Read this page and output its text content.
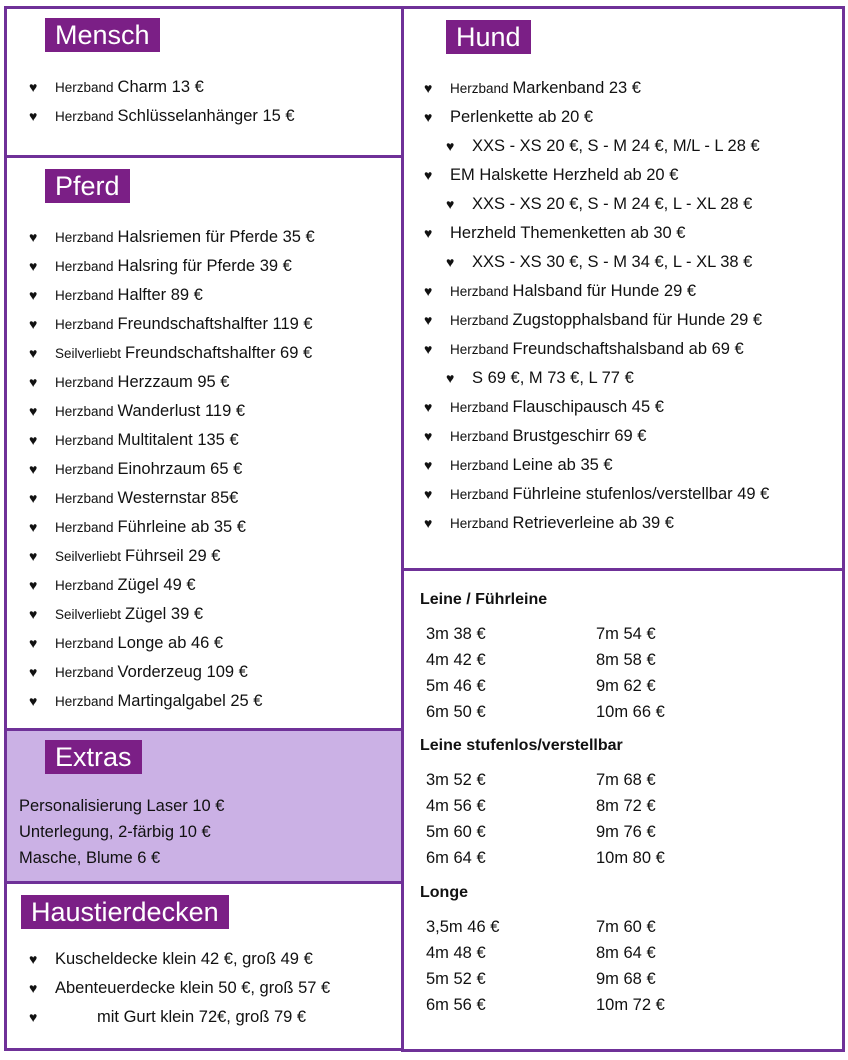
Mensch
♥ Herzband Charm 13 €
♥ Herzband Schlüsselanhänger 15 €
Pferd
♥ Herzband Halsriemen für Pferde 35 €
♥ Herzband Halsring für Pferde 39 €
♥ Herzband Halfter 89 €
♥ Herzband Freundschaftshalfter 119 €
♥ Seilverliebt Freundschaftshalfter 69 €
♥ Herzband Herzzaum 95 €
♥ Herzband Wanderlust 119 €
♥ Herzband Multitalent 135 €
♥ Herzband Einohrzaum 65 €
♥ Herzband Westernstar 85€
♥ Herzband Führleine ab 35 €
♥ Seilverliebt Führseil 29 €
♥ Herzband Zügel 49 €
♥ Seilverliebt Zügel 39 €
♥ Herzband Longe ab 46 €
♥ Herzband Vorderzeug 109 €
♥ Herzband Martingalgabel 25 €
Extras
Personalisierung Laser 10 €
Unterlegung, 2-färbig 10 €
Masche, Blume 6 €
Haustierdecken
♥ Kuscheldecke klein 42 €, groß 49 €
♥ Abenteuerdecke klein 50 €, groß 57 €
♥	mit Gurt klein 72€, groß 79 €
Hund
♥ Herzband Markenband 23 €
♥ Perlenkette ab 20 €
♥ XXS - XS 20 €, S - M 24 €, M/L - L 28 €
♥ EM Halskette Herzheld ab 20 €
♥ XXS - XS 20 €, S - M 24 €, L - XL 28 €
♥ Herzheld Themenketten ab 30 €
♥ XXS - XS 30 €, S - M 34 €, L - XL 38 €
♥ Herzband Halsband für Hunde 29 €
♥ Herzband Zugstopphalsband für Hunde 29 €
♥ Herzband Freundschaftshalsband ab 69 €
♥ S 69 €, M 73 €, L 77 €
♥ Herzband Flauschipausch 45 €
♥ Herzband Brustgeschirr 69 €
♥ Herzband Leine ab 35 €
♥ Herzband Führleine stufenlos/verstellbar 49 €
♥ Herzband Retrieverleine ab 39 €
Leine / Führleine
3m 38 €	7m 54 €
4m 42 €	8m 58 €
5m 46 €	9m 62 €
6m 50 €	10m 66 €
Leine stufenlos/verstellbar
3m 52 €	7m 68 €
4m 56 €	8m 72 €
5m 60 €	9m 76 €
6m 64 €	10m 80 €
Longe
3,5m 46 €	7m 60 €
4m 48 €	8m 64 €
5m 52 €	9m 68 €
6m 56 €	10m 72 €
